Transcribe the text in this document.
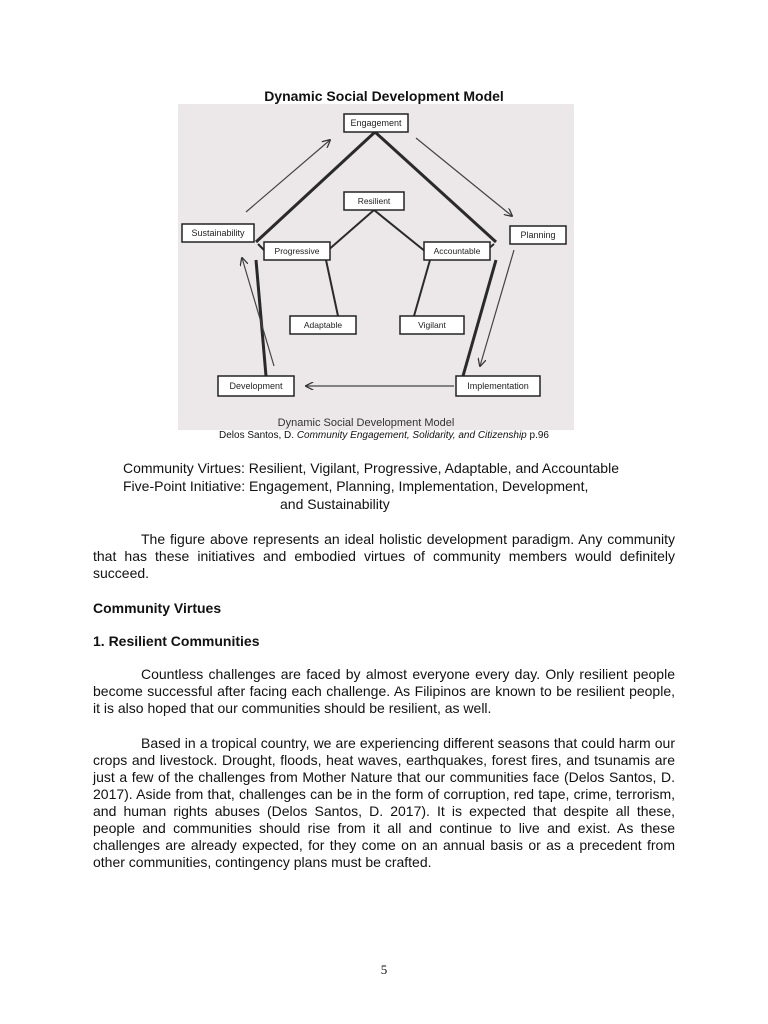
Dynamic Social Development Model
Engagement
Sustainability	Planning
Development	Implementation
Resilient
Progressive	Accountable
Adaptable	Vigilant
Dynamic Social Development Model
Delos Santos, D. Community Engagement, Solidarity, and Citizenship p.96
Community Virtues: Resilient, Vigilant, Progressive, Adaptable, and Accountable
Five-Point Initiative: Engagement, Planning, Implementation, Development,
and Sustainability
The figure above represents an ideal holistic development paradigm. Any community that has these initiatives and embodied virtues of community members would definitely succeed.
Community Virtues
1. Resilient Communities
Countless challenges are faced by almost everyone every day. Only resilient people become successful after facing each challenge. As Filipinos are known to be resilient people, it is also hoped that our communities should be resilient, as well.
Based in a tropical country, we are experiencing different seasons that could harm our crops and livestock. Drought, floods, heat waves, earthquakes, forest fires, and tsunamis are just a few of the challenges from Mother Nature that our communities face (Delos Santos, D. 2017). Aside from that, challenges can be in the form of corruption, red tape, crime, terrorism, and human rights abuses (Delos Santos, D. 2017). It is expected that despite all these, people and communities should rise from it all and continue to live and exist. As these challenges are already expected, for they come on an annual basis or as a precedent from other communities, contingency plans must be crafted.
5
